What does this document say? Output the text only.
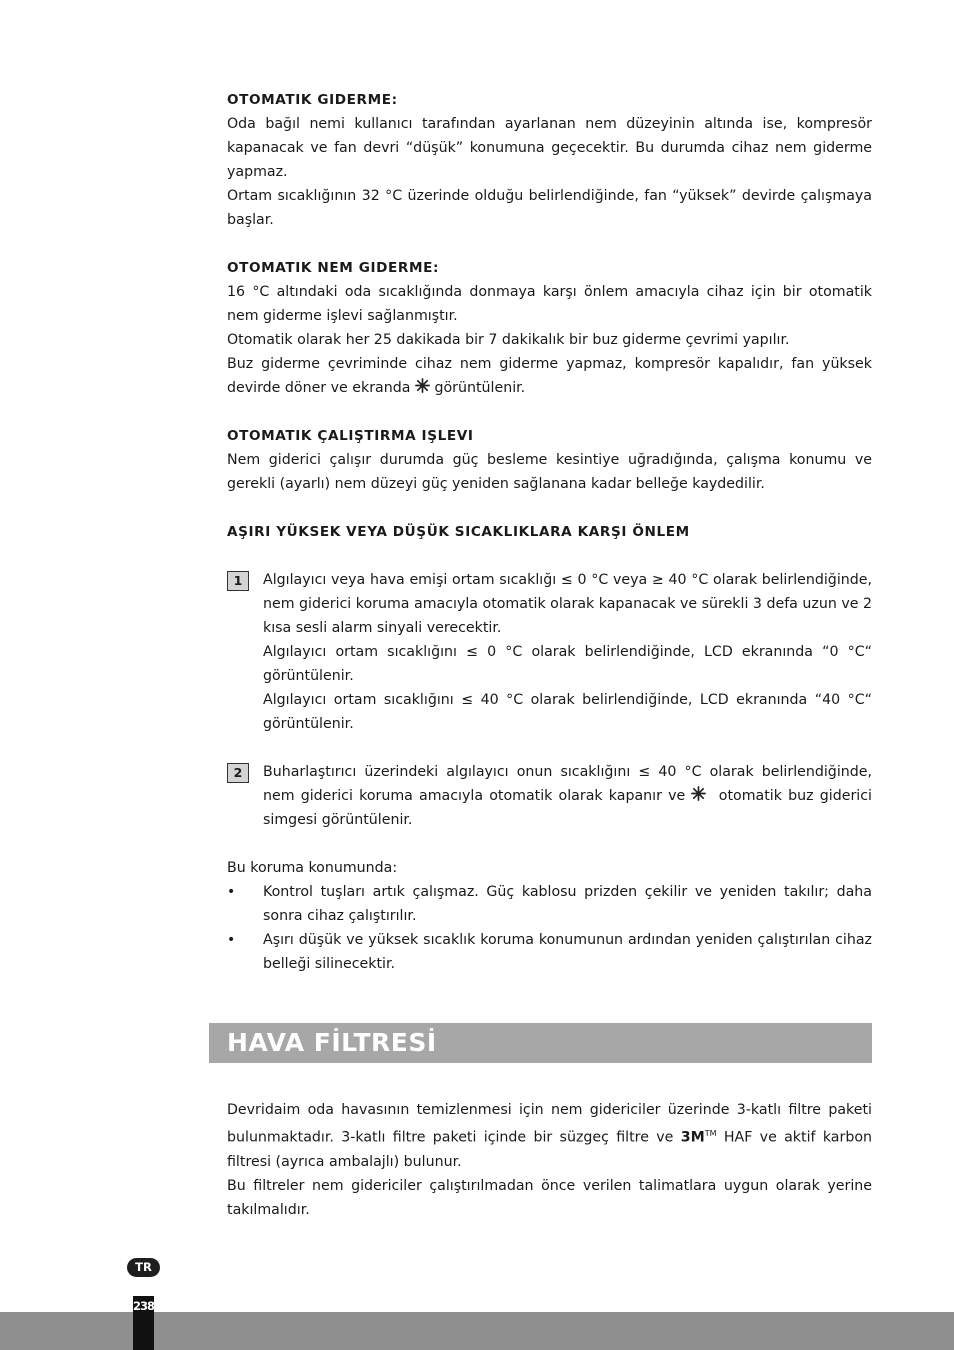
OTOMATIK GIDERME:

Oda bağıl nemi kullanıcı tarafından ayarlanan nem düzeyinin altında ise, kompresör kapanacak ve fan devri “düşük” konumuna geçecektir. Bu durumda cihaz nem giderme yapmaz.

Ortam sıcaklığının 32 °C üzerinde olduğu belirlendiğinde, fan “yüksek” devirde çalışmaya başlar.

OTOMATIK NEM GIDERME:

16 °C altındaki oda sıcaklığında donmaya karşı önlem amacıyla cihaz için bir otomatik nem giderme işlevi sağlanmıştır.

Otomatik olarak her 25 dakikada bir 7 dakikalık bir buz giderme çevrimi yapılır.

Buz giderme çevriminde cihaz nem giderme yapmaz, kompresör kapalıdır, fan yüksek devirde döner ve ekranda görüntülenir.

OTOMATIK ÇALIŞTIRMA IŞLEVI

Nem giderici çalışır durumda güç besleme kesintiye uğradığında, çalışma konumu ve gerekli (ayarlı) nem düzeyi güç yeniden sağlanana kadar belleğe kaydedilir.

AŞIRI YÜKSEK VEYA DÜŞÜK SICAKLIKLARA KARŞI ÖNLEM

1	Algılayıcı veya hava emişi ortam sıcaklığı ≤ 0 °C veya ≥ 40 °C olarak belirlendiğinde, nem giderici koruma amacıyla otomatik olarak kapanacak ve sürekli 3 defa uzun ve 2 kısa sesli alarm sinyali verecektir.

Algılayıcı ortam sıcaklığını ≤ 0 °C olarak belirlendiğinde, LCD ekranında “0 °C“ görüntülenir.

Algılayıcı ortam sıcaklığını ≤ 40 °C olarak belirlendiğinde, LCD ekranında “40 °C“ görüntülenir.

2	Buharlaştırıcı üzerindeki algılayıcı onun sıcaklığını ≤ 40 °C olarak belirlendiğinde, nem giderici koruma amacıyla otomatik olarak kapanır ve otomatik buz giderici simgesi görüntülenir.

Bu koruma konumunda:

• Kontrol tuşları artık çalışmaz. Güç kablosu prizden çekilir ve yeniden takılır; daha sonra cihaz çalıştırılır.

• Aşırı düşük ve yüksek sıcaklık koruma konumunun ardından yeniden çalıştırılan cihaz belleği silinecektir.

HAVA FİLTRESİ

Devridaim oda havasının temizlenmesi için nem gidericiler üzerinde 3-katlı filtre paketi bulunmaktadır. 3-katlı filtre paketi içinde bir süzgeç filtre ve 3M™ HAF ve aktif karbon filtresi (ayrıca ambalajlı) bulunur.

Bu filtreler nem gidericiler çalıştırılmadan önce verilen talimatlara uygun olarak yerine takılmalıdır.

TR
238
